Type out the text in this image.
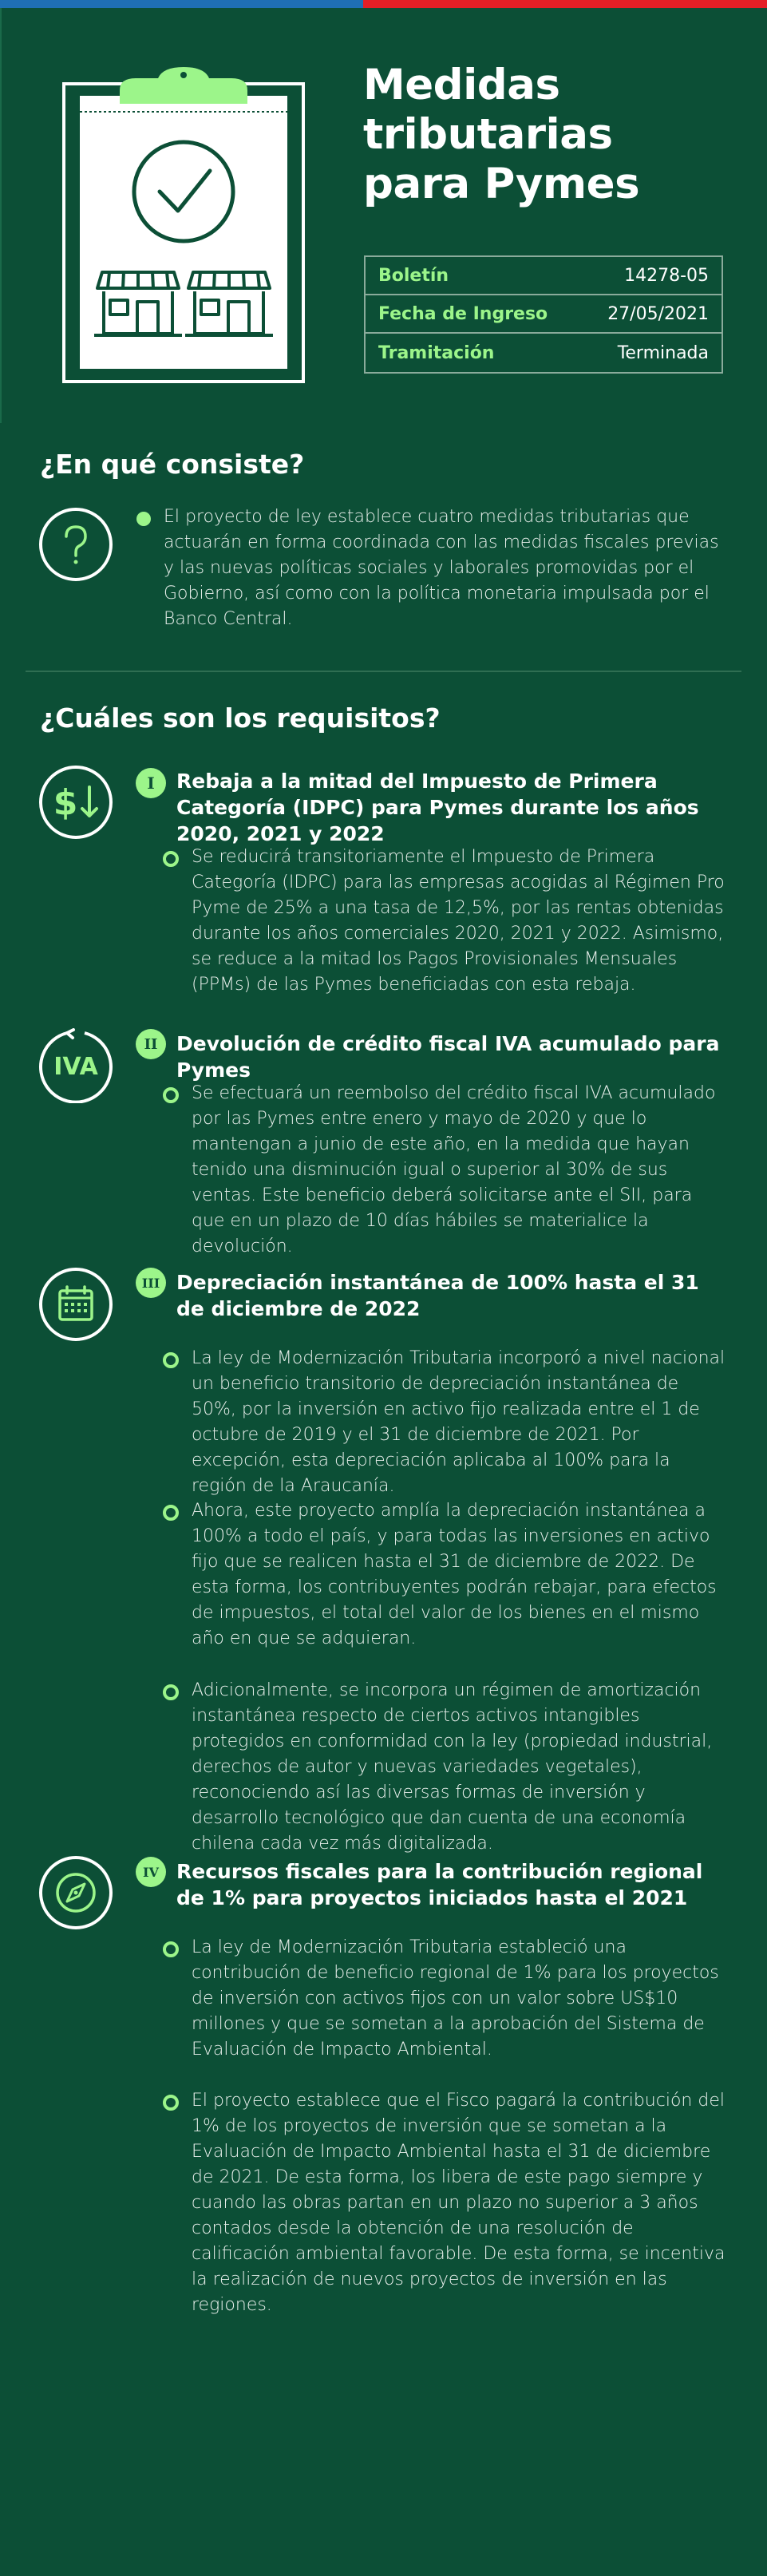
Medidas tributarias para Pymes
Boletín	14278-05
Fecha de Ingreso	27/05/2021
Tramitación	Terminada
¿En qué consiste?
El proyecto de ley establece cuatro medidas tributarias que actuarán en forma coordinada con las medidas fiscales previas y las nuevas políticas sociales y laborales promovidas por el Gobierno, así como con la política monetaria impulsada por el Banco Central.
¿Cuáles son los requisitos?
$	I	Rebaja a la mitad del Impuesto de Primera Categoría (IDPC) para Pymes durante los años 2020, 2021 y 2022
Se reducirá transitoriamente el Impuesto de Primera Categoría (IDPC) para las empresas acogidas al Régimen Pro Pyme de 25% a una tasa de 12,5%, por las rentas obtenidas durante los años comerciales 2020, 2021 y 2022. Asimismo, se reduce a la mitad los Pagos Provisionales Mensuales (PPMs) de las Pymes beneficiadas con esta rebaja.
IVA
II Devolución de crédito fiscal IVA acumulado para Pymes
Se efectuará un reembolso del crédito fiscal IVA acumulado por las Pymes entre enero y mayo de 2020 y que lo mantengan a junio de este año, en la medida que hayan tenido una disminución igual o superior al 30% de sus ventas. Este beneficio deberá solicitarse ante el SII, para que en un plazo de 10 días hábiles se materialice la devolución.
III Depreciación instantánea de 100% hasta el 31 de diciembre de 2022
La ley de Modernización Tributaria incorporó a nivel nacional un beneficio transitorio de depreciación instantánea de 50%, por la inversión en activo fijo realizada entre el 1 de octubre de 2019 y el 31 de diciembre de 2021. Por excepción, esta depreciación aplicaba al 100% para la región de la Araucanía.
Ahora, este proyecto amplía la depreciación instantánea a 100% a todo el país, y para todas las inversiones en activo fijo que se realicen hasta el 31 de diciembre de 2022. De esta forma, los contribuyentes podrán rebajar, para efectos de impuestos, el total del valor de los bienes en el mismo año en que se adquieran.
Adicionalmente, se incorpora un régimen de amortización instantánea respecto de ciertos activos intangibles protegidos en conformidad con la ley (propiedad industrial, derechos de autor y nuevas variedades vegetales), reconociendo así las diversas formas de inversión y desarrollo tecnológico que dan cuenta de una economía chilena cada vez más digitalizada.
IV Recursos fiscales para la contribución regional de 1% para proyectos iniciados hasta el 2021
La ley de Modernización Tributaria estableció una contribución de beneficio regional de 1% para los proyectos de inversión con activos fijos con un valor sobre US$10 millones y que se sometan a la aprobación del Sistema de Evaluación de Impacto Ambiental.
El proyecto establece que el Fisco pagará la contribución del 1% de los proyectos de inversión que se sometan a la Evaluación de Impacto Ambiental hasta el 31 de diciembre de 2021. De esta forma, los libera de este pago siempre y cuando las obras partan en un plazo no superior a 3 años contados desde la obtención de una resolución de calificación ambiental favorable. De esta forma, se incentiva la realización de nuevos proyectos de inversión en las regiones.
